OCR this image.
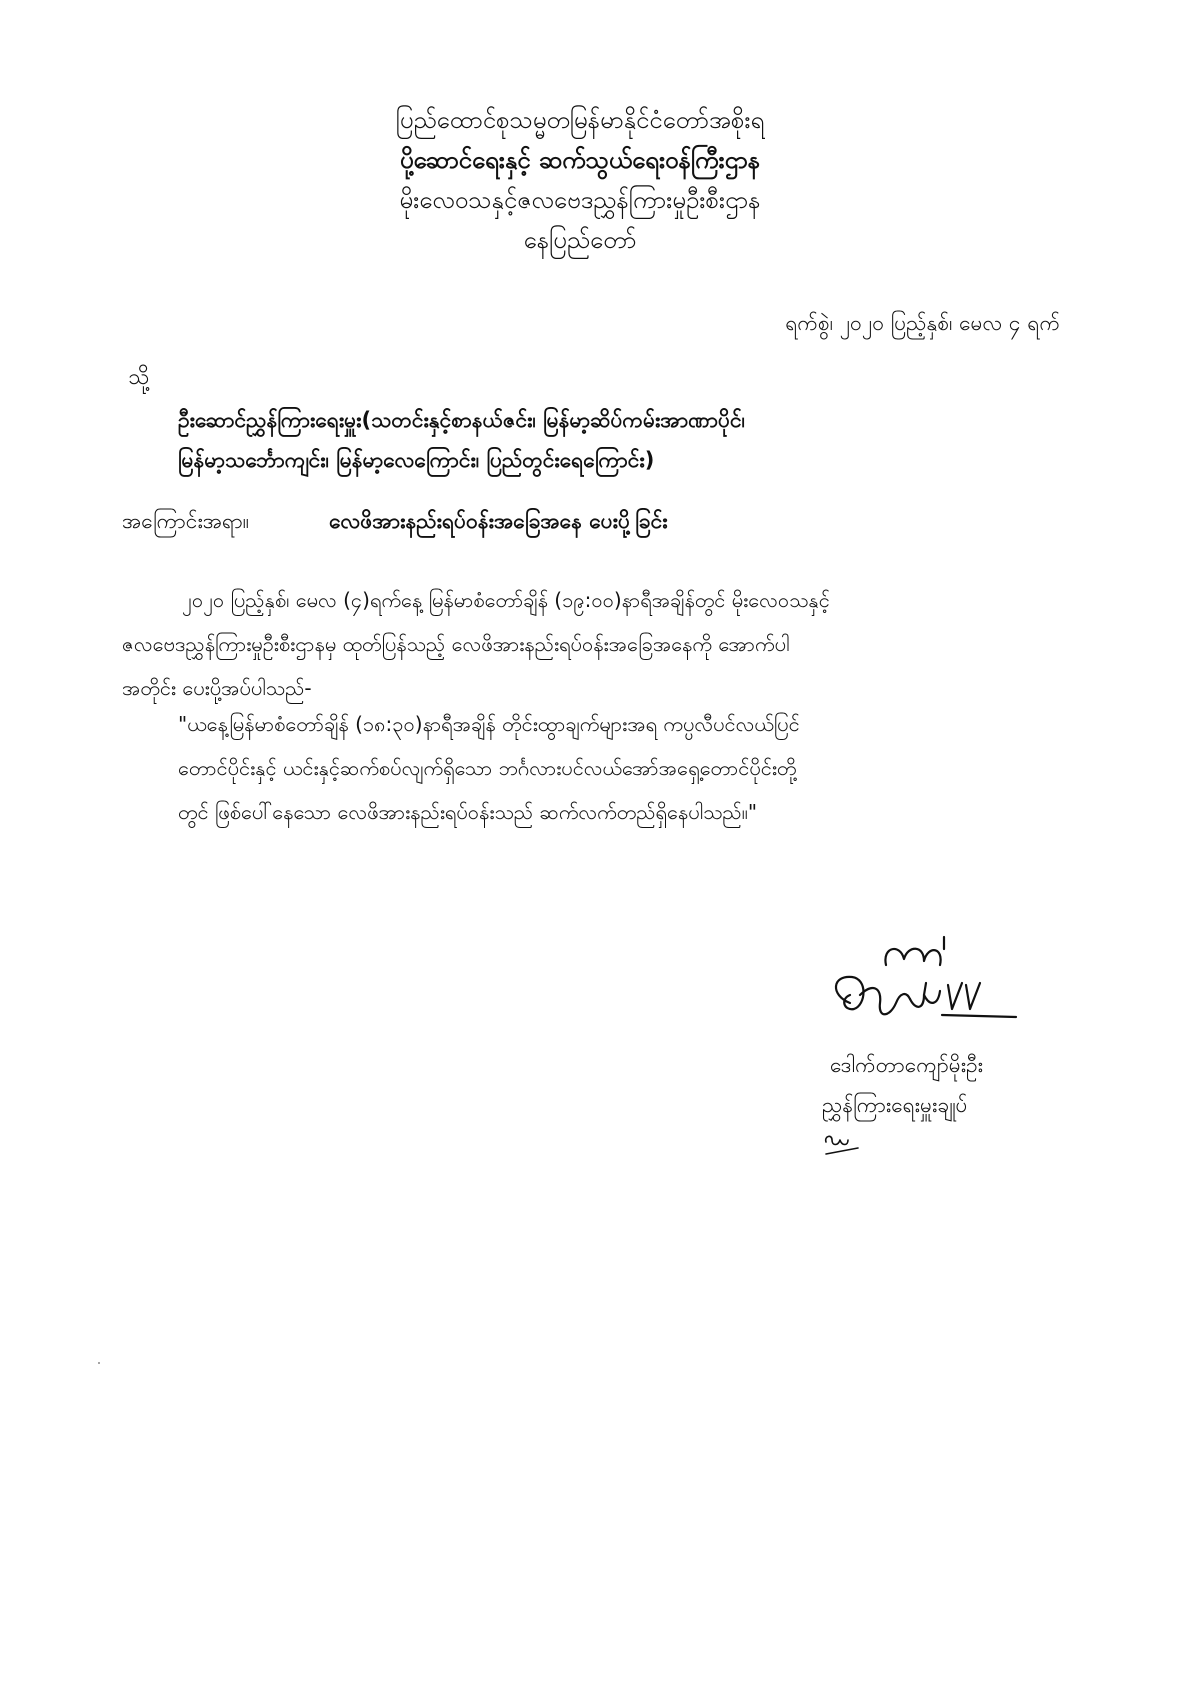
ပြည်ထောင်စုသမ္မတမြန်မာနိုင်ငံတော်အစိုးရ
ပို့ဆောင်ရေးနှင့် ဆက်သွယ်ရေးဝန်ကြီးဌာန
မိုးလေဝသနှင့်ဇလဗေဒညွှန်ကြားမှုဦးစီးဌာန
နေပြည်တော်
ရက်စွဲ၊ ၂၀၂၀ ပြည့်နှစ်၊ မေလ ၄ ရက်
သို့
ဦးဆောင်ညွှန်ကြားရေးမှူး(သတင်းနှင့်စာနယ်ဇင်း၊ မြန်မာ့ဆိပ်ကမ်းအာဏာပိုင်၊
မြန်မာ့သင်္ဘောကျင်း၊ မြန်မာ့လေကြောင်း၊ ပြည်တွင်းရေကြောင်း)
အကြောင်းအရာ။	လေဖိအားနည်းရပ်ဝန်းအခြေအနေ ပေးပို့ခြင်း
၂၀၂၀ ပြည့်နှစ်၊ မေလ (၄)ရက်နေ့ မြန်မာစံတော်ချိန် (၁၉:၀၀)နာရီအချိန်တွင် မိုးလေဝသနှင့်
ဇလဗေဒညွှန်ကြားမှုဦးစီးဌာနမှ ထုတ်ပြန်သည့် လေဖိအားနည်းရပ်ဝန်းအခြေအနေကို အောက်ပါ
အတိုင်း ပေးပို့အပ်ပါသည်-
"ယနေ့မြန်မာစံတော်ချိန် (၁၈:၃၀)နာရီအချိန် တိုင်းထွာချက်များအရ ကပ္ပလီပင်လယ်ပြင်
တောင်ပိုင်းနှင့် ယင်းနှင့်ဆက်စပ်လျက်ရှိသော ဘင်္ဂလားပင်လယ်အော်အရှေ့တောင်ပိုင်းတို့
တွင် ဖြစ်ပေါ်နေသော လေဖိအားနည်းရပ်ဝန်းသည် ဆက်လက်တည်ရှိနေပါသည်။"
ဒေါက်တာကျော်မိုးဦး
ညွှန်ကြားရေးမှူးချုပ်
